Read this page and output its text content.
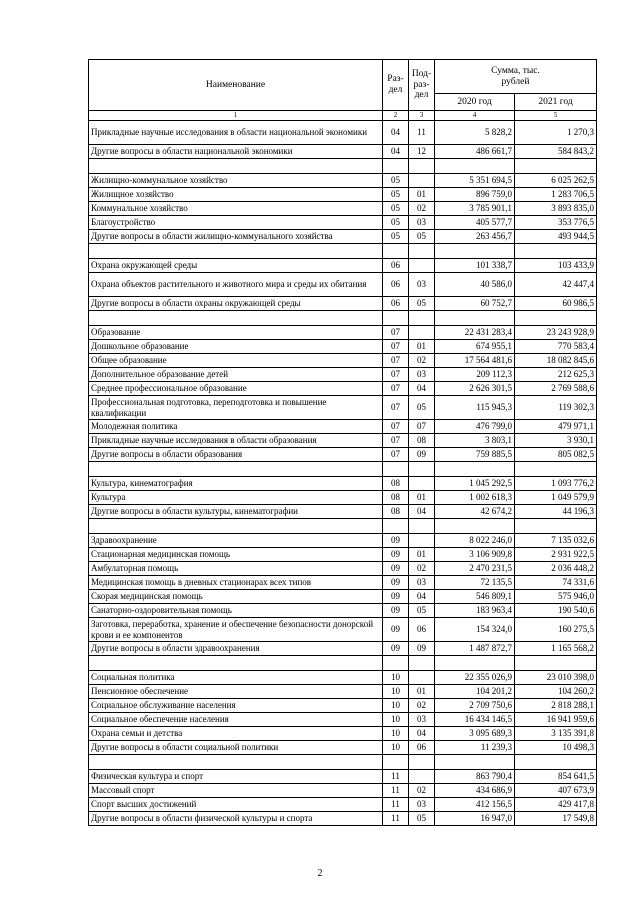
Наименование	Раз- дел	Под- раз- дел	Сумма, тыс. рублей	
			2020 год	2021 год
1	2	3	4	5
Прикладные научные исследования в области национальной экономики	04	11	5 828,2	1 270,3
Другие вопросы в области национальной экономики	04	12	486 661,7	584 843,2

Жилищно-коммунальное хозяйство	05		5 351 694,5	6 025 262,5
Жилищное хозяйство	05	01	896 759,0	1 283 706,5
Коммунальное хозяйство	05	02	3 785 901,1	3 893 835,0
Благоустройство	05	03	405 577,7	353 776,5
Другие вопросы в области жилищно-коммунального хозяйства	05	05	263 456,7	493 944,5

Охрана окружающей среды	06		101 338,7	103 433,9
Охрана объектов растительного и животного мира и среды их обитания	06	03	40 586,0	42 447,4
Другие вопросы в области охраны окружающей среды	06	05	60 752,7	60 986,5

Образование	07		22 431 283,4	23 243 928,9
Дошкольное образование	07	01	674 955,1	770 583,4
Общее образование	07	02	17 564 481,6	18 082 845,6
Дополнительное образование детей	07	03	209 112,3	212 625,3
Среднее профессиональное образование	07	04	2 626 301,5	2 769 588,6
Профессиональная подготовка, переподготовка и повышение квалификации	07	05	115 945,3	119 302,3
Молодежная политика	07	07	476 799,0	479 971,1
Прикладные научные исследования в области образования	07	08	3 803,1	3 930,1
Другие вопросы в области образования	07	09	759 885,5	805 082,5

Культура, кинематография	08		1 045 292,5	1 093 776,2
Культура	08	01	1 002 618,3	1 049 579,9
Другие вопросы в области культуры, кинематографии	08	04	42 674,2	44 196,3

Здравоохранение	09		8 022 246,0	7 135 032,6
Стационарная медицинская помощь	09	01	3 106 909,8	2 931 922,5
Амбулаторная помощь	09	02	2 470 231,5	2 036 448,2
Медицинская помощь в дневных стационарах всех типов	09	03	72 135,5	74 331,6
Скорая медицинская помощь	09	04	546 809,1	575 946,0
Санаторно-оздоровительная помощь	09	05	183 963,4	190 540,6
Заготовка, переработка, хранение и обеспечение безопасности донорской крови и ее компонентов	09	06	154 324,0	160 275,5
Другие вопросы в области здравоохранения	09	09	1 487 872,7	1 165 568,2

Социальная политика	10		22 355 026,9	23 010 398,0
Пенсионное обеспечение	10	01	104 201,2	104 260,2
Социальное обслуживание населения	10	02	2 709 750,6	2 818 288,1
Социальное обеспечение населения	10	03	16 434 146,5	16 941 959,6
Охрана семьи и детства	10	04	3 095 689,3	3 135 391,8
Другие вопросы в области социальной политики	10	06	11 239,3	10 498,3

Физическая культура и спорт	11		863 790,4	854 641,5
Массовый спорт	11	02	434 686,9	407 673,9
Спорт высших достижений	11	03	412 156,5	429 417,8
Другие вопросы в области физической культуры и спорта	11	05	16 947,0	17 549,8
2
